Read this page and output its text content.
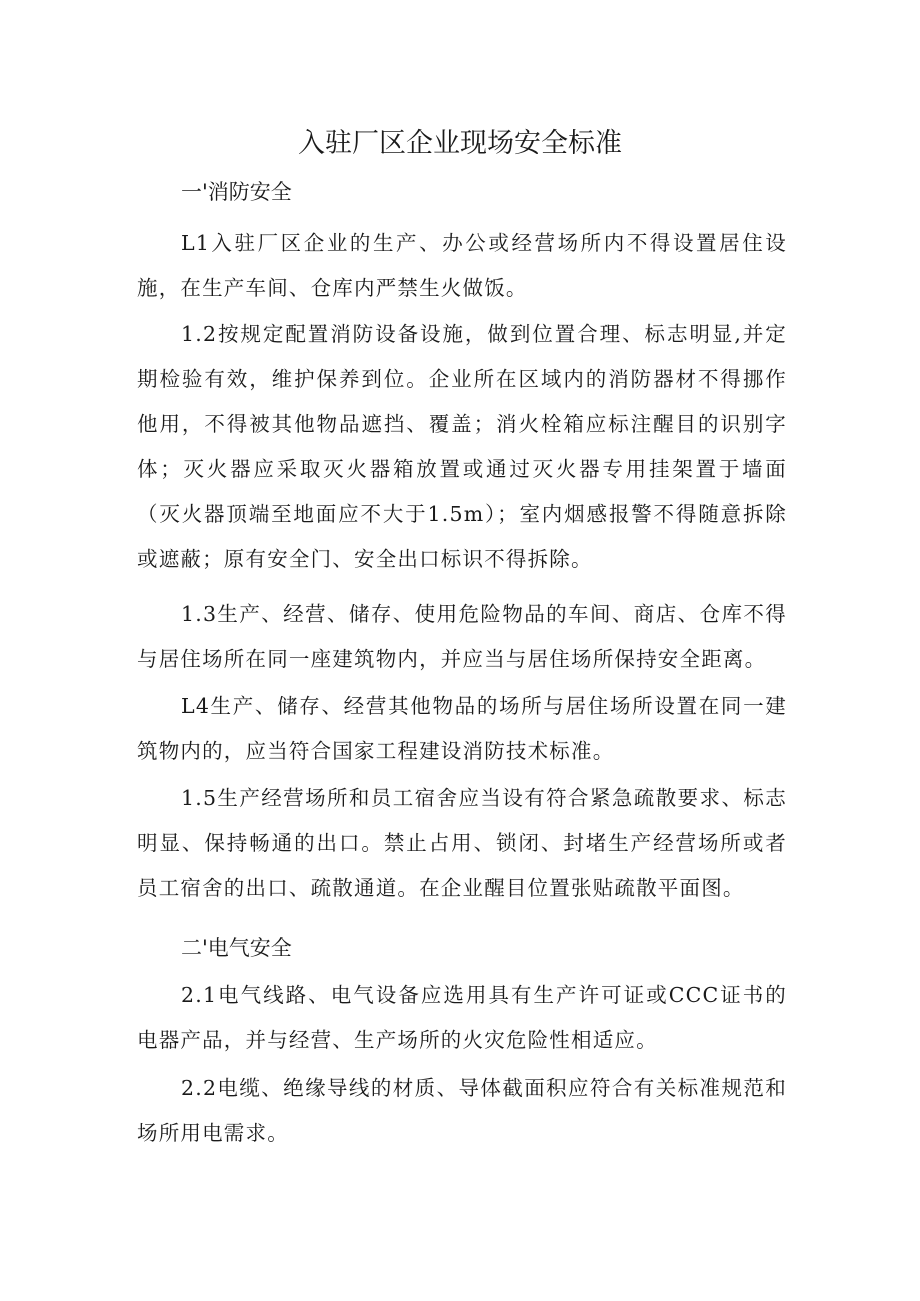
入驻厂区企业现场安全标准
一'消防安全

L1入驻厂区企业的生产、办公或经营场所内不得设置居住设施，在生产车间、仓库内严禁生火做饭。

1.2按规定配置消防设备设施，做到位置合理、标志明显,并定期检验有效，维护保养到位。企业所在区域内的消防器材不得挪作他用，不得被其他物品遮挡、覆盖；消火栓箱应标注醒目的识别字体；灭火器应采取灭火器箱放置或通过灭火器专用挂架置于墙面（灭火器顶端至地面应不大于1.5m）；室内烟感报警不得随意拆除或遮蔽；原有安全门、安全出口标识不得拆除。

1.3生产、经营、储存、使用危险物品的车间、商店、仓库不得与居住场所在同一座建筑物内，并应当与居住场所保持安全距离。

L4生产、储存、经营其他物品的场所与居住场所设置在同一建筑物内的，应当符合国家工程建设消防技术标准。

1.5生产经营场所和员工宿舍应当设有符合紧急疏散要求、标志明显、保持畅通的出口。禁止占用、锁闭、封堵生产经营场所或者员工宿舍的出口、疏散通道。在企业醒目位置张贴疏散平面图。

二'电气安全

2.1电气线路、电气设备应选用具有生产许可证或CCC证书的电器产品，并与经营、生产场所的火灾危险性相适应。

2.2电缆、绝缘导线的材质、导体截面积应符合有关标准规范和场所用电需求。
